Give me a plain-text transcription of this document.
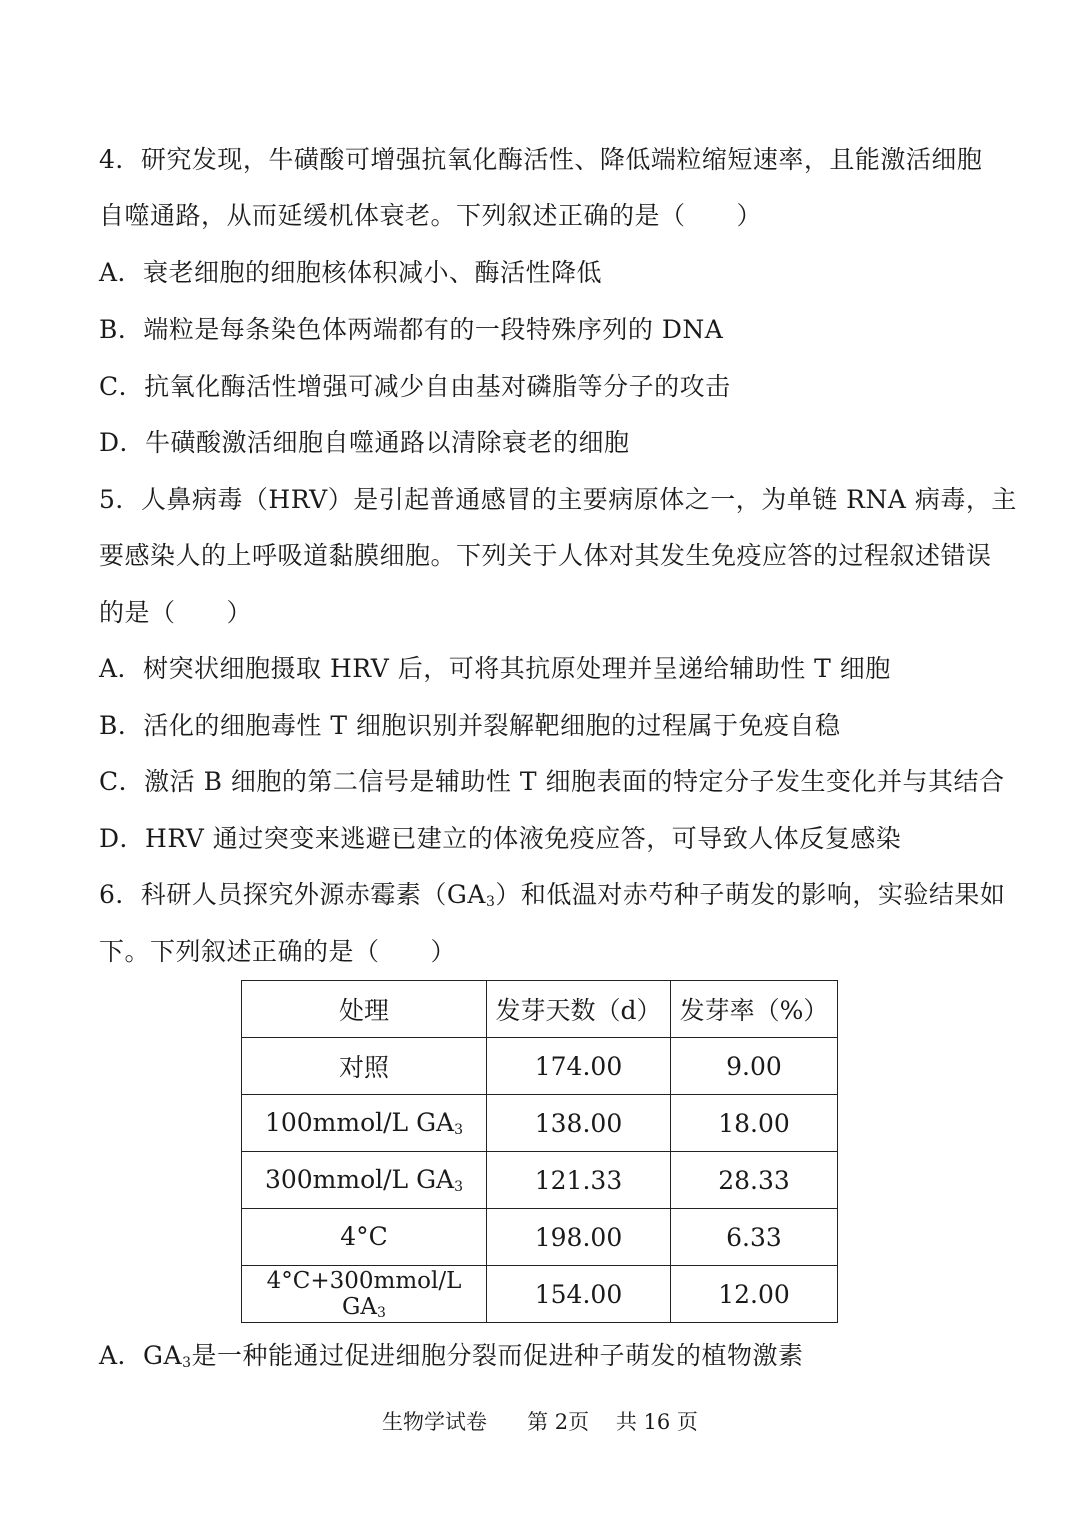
4．研究发现，牛磺酸可增强抗氧化酶活性、降低端粒缩短速率，且能激活细胞
自噬通路，从而延缓机体衰老。下列叙述正确的是（　　）
A．衰老细胞的细胞核体积减小、酶活性降低
B．端粒是每条染色体两端都有的一段特殊序列的 DNA
C．抗氧化酶活性增强可减少自由基对磷脂等分子的攻击
D．牛磺酸激活细胞自噬通路以清除衰老的细胞
5．人鼻病毒（HRV）是引起普通感冒的主要病原体之一，为单链 RNA 病毒，主
要感染人的上呼吸道黏膜细胞。下列关于人体对其发生免疫应答的过程叙述错误
的是（　　）
A．树突状细胞摄取 HRV 后，可将其抗原处理并呈递给辅助性 T 细胞
B．活化的细胞毒性 T 细胞识别并裂解靶细胞的过程属于免疫自稳
C．激活 B 细胞的第二信号是辅助性 T 细胞表面的特定分子发生变化并与其结合
D．HRV 通过突变来逃避已建立的体液免疫应答，可导致人体反复感染
6．科研人员探究外源赤霉素$(GA_3)$和低温对赤芍种子萌发的影响，实验结果如
下。下列叙述正确的是（　　）
处理	发芽天数（d）	发芽率（%）
对照	174.00	9.00
100mmol/L $GA_3$	138.00	18.00
300mmol/L $GA_3$	121.33	28.33
4°C	198.00	6.33
4°C+300mmol/L $GA_3$	154.00	12.00
A．$GA_3$是一种能通过促进细胞分裂而促进种子萌发的植物激素
生物学试卷 第 2页 共 16 页
